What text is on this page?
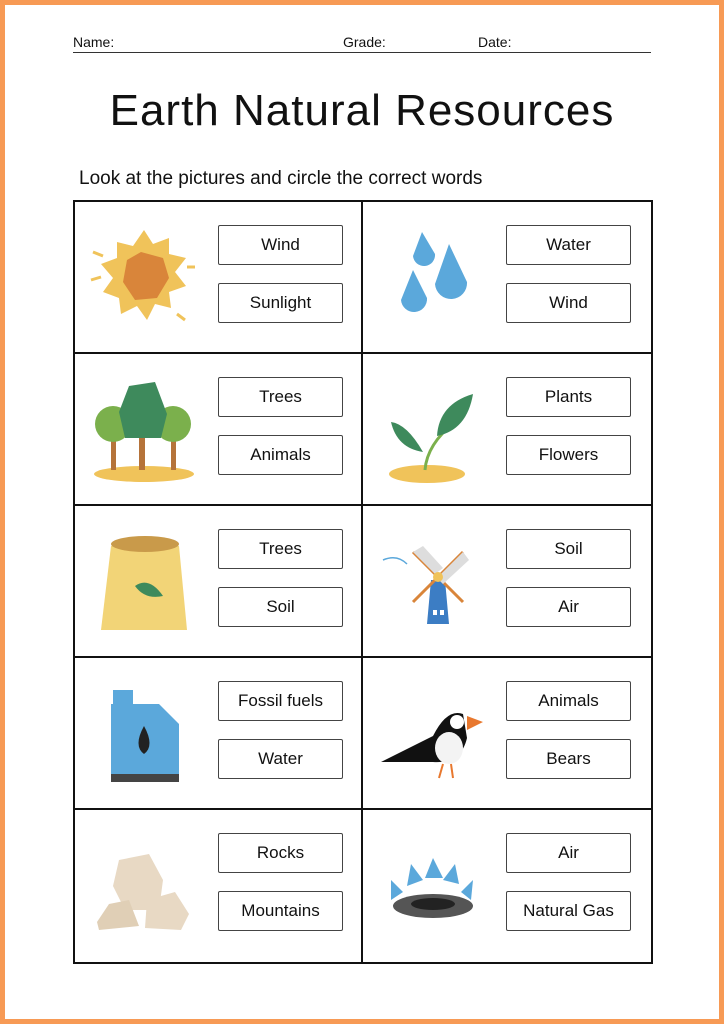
Name:	Grade:	Date:
Earth Natural Resources
Look at the pictures and circle the correct words
Wind
Sunlight
Water
Wind
Trees
Animals
Plants
Flowers
Trees
Soil
Soil
Air
Fossil fuels
Water
Animals
Bears
Rocks
Mountains
Air
Natural Gas
